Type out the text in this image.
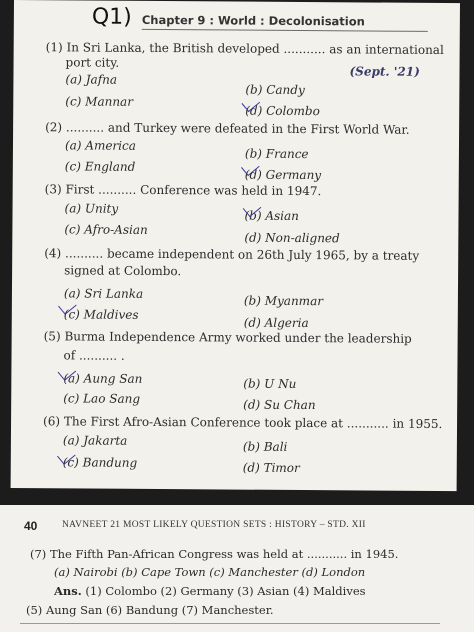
Q1) Chapter 9 : World : Decolonisation
(1) In Sri Lanka, the British developed ........... as an international
port city.
(Sept. '21)
(a) Jafna
(b) Candy
(c) Mannar
(d) Colombo
(2) .......... and Turkey were defeated in the First World War.
(a) America
(b) France
(c) England
(d) Germany
(3) First .......... Conference was held in 1947.
(a) Unity
(b) Asian
(c) Afro-Asian
(d) Non-aligned
(4) .......... became independent on 26th July 1965, by a treaty
signed at Colombo.
(a) Sri Lanka	(b) Myanmar
(c) Maldives
(d) Algeria
(5) Burma Independence Army worked under the leadership
of .......... .
(a) Aung San	(b) U Nu
(c) Lao Sang	(d) Su Chan
(6) The First Afro-Asian Conference took place at ........... in 1955.
(a) Jakarta	(b) Bali
(c) Bandung	(d) Timor
40	NAVNEET 21 MOST LIKELY QUESTION SETS : HISTORY – STD. XII
(7) The Fifth Pan-African Congress was held at ........... in 1945.
(a) Nairobi (b) Cape Town (c) Manchester (d) London
Ans. (1) Colombo (2) Germany (3) Asian (4) Maldives
(5) Aung San (6) Bandung (7) Manchester.
